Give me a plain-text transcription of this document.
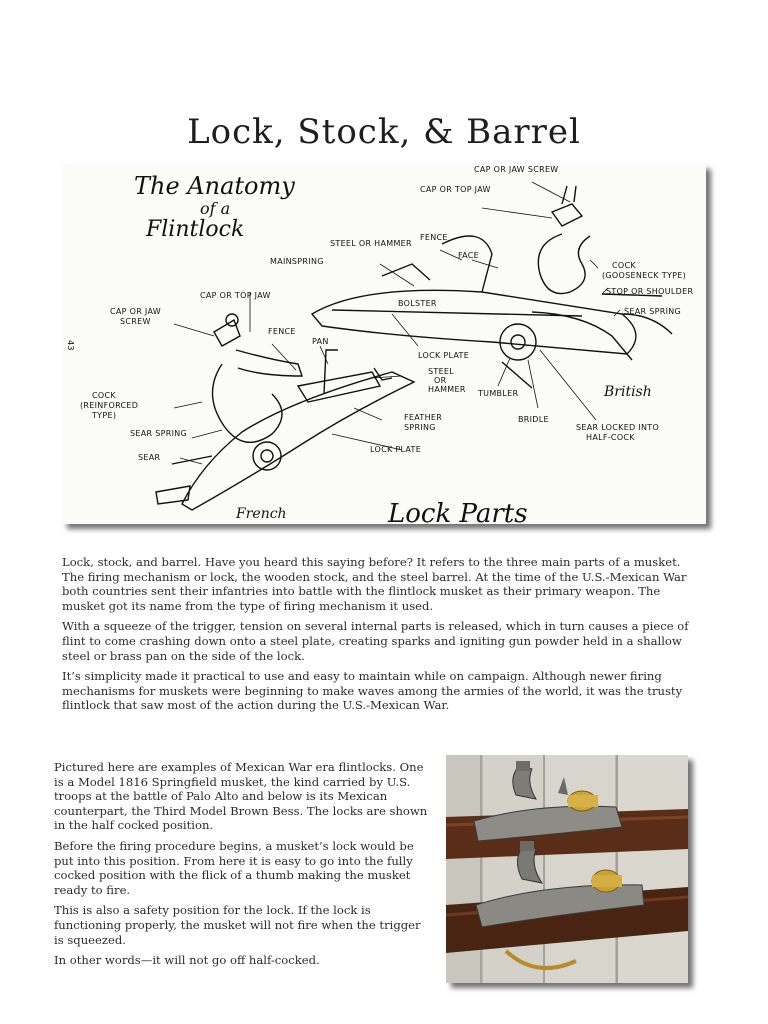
Lock, Stock, & Barrel
The Anatomy
of a
Flintlock
43
CAP OR JAW SCREW
CAP OR TOP JAW
FENCE
STEEL OR HAMMER
FACE
MAINSPRING
BOLSTER
COCK
(GOOSENECK TYPE)
STOP OR SHOULDER
SEAR SPRING
CAP OR TOP JAW
CAP OR JAW
SCREW
FENCE
PAN
LOCK PLATE
STEEL
OR
HAMMER TUMBLER
BRIDLE
SEAR LOCKED INTO
HALF-COCK
COCK
(REINFORCED
TYPE)
SEAR SPRING
SEAR
FEATHER
SPRING
LOCK PLATE
British
French	Lock Parts

Lock, stock, and barrel. Have you heard this saying before? It refers to the three main parts of a musket. The firing mechanism or lock, the wooden stock, and the steel barrel. At the time of the U.S.-Mexican War both countries sent their infantries into battle with the flintlock musket as their primary weapon. The musket got its name from the type of firing mechanism it used.

With a squeeze of the trigger, tension on several internal parts is released, which in turn causes a piece of flint to come crashing down onto a steel plate, creating sparks and igniting gun powder held in a shallow steel or brass pan on the side of the lock.

It’s simplicity made it practical to use and easy to maintain while on campaign. Although newer firing mechanisms for muskets were beginning to make waves among the armies of the world, it was the trusty flintlock that saw most of the action during the U.S.-Mexican War.

Pictured here are examples of Mexican War era flintlocks. One is a Model 1816 Springfield musket, the kind carried by U.S. troops at the battle of Palo Alto and below is its Mexican counterpart, the Third Model Brown Bess. The locks are shown in the half cocked position.

Before the firing procedure begins, a musket’s lock would be put into this position. From here it is easy to go into the fully cocked position with the flick of a thumb making the musket ready to fire.

This is also a safety position for the lock. If the lock is functioning properly, the musket will not fire when the trigger is squeezed.

In other words—it will not go off half-cocked.
